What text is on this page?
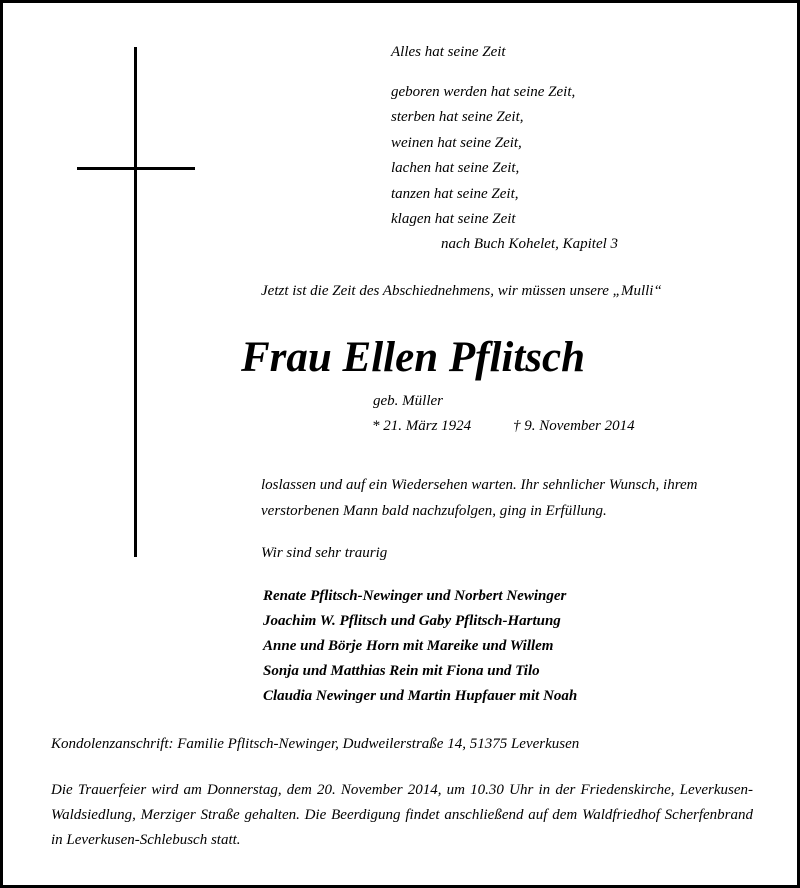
Alles hat seine Zeit
geboren werden hat seine Zeit,
sterben hat seine Zeit,
weinen hat seine Zeit,
lachen hat seine Zeit,
tanzen hat seine Zeit,
klagen hat seine Zeit
nach Buch Kohelet, Kapitel 3
Jetzt ist die Zeit des Abschiednehmens, wir müssen unsere „Mulli“
Frau Ellen Pflitsch
geb. Müller
* 21. März 1924	† 9. November 2014
loslassen und auf ein Wiedersehen warten. Ihr sehnlicher Wunsch, ihrem
verstorbenen Mann bald nachzufolgen, ging in Erfüllung.
Wir sind sehr traurig
Renate Pflitsch-Newinger und Norbert Newinger
Joachim W. Pflitsch und Gaby Pflitsch-Hartung
Anne und Börje Horn mit Mareike und Willem
Sonja und Matthias Rein mit Fiona und Tilo
Claudia Newinger und Martin Hupfauer mit Noah
Kondolenzanschrift: Familie Pflitsch-Newinger, Dudweilerstraße 14, 51375 Leverkusen
Die Trauerfeier wird am Donnerstag, dem 20. November 2014, um 10.30 Uhr in der Friedenskirche, Leverkusen-Waldsiedlung, Merziger Straße gehalten. Die Beerdigung findet anschließend auf dem Waldfriedhof Scherfenbrand in Leverkusen-Schlebusch statt.
